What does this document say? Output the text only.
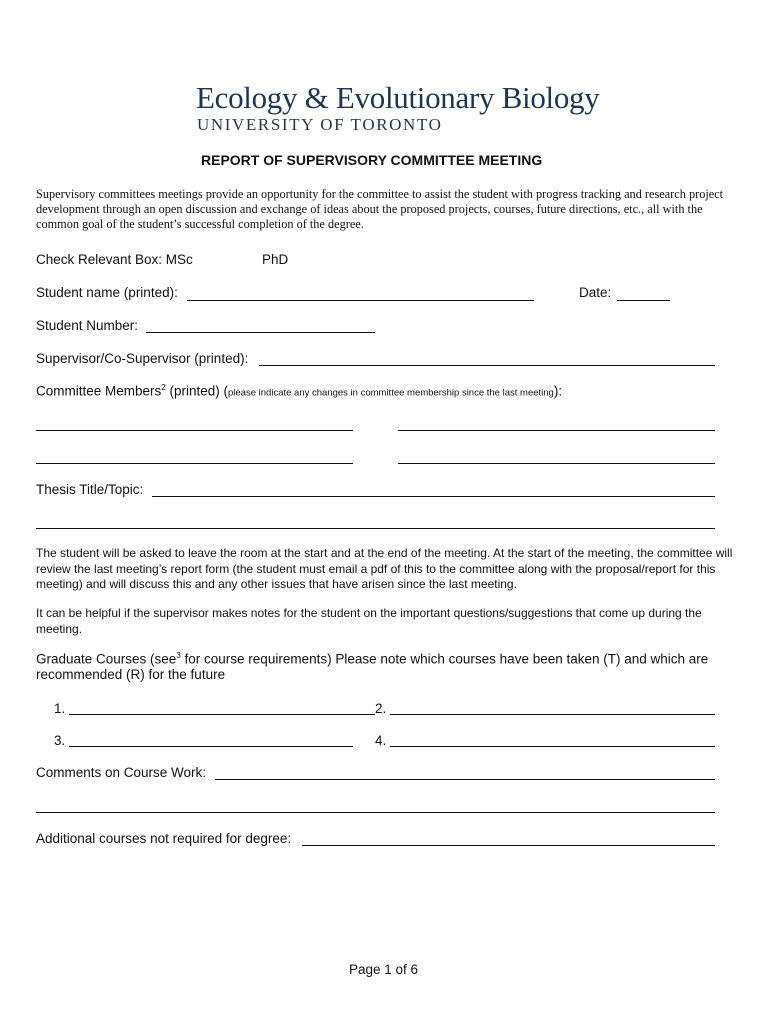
Ecology & Evolutionary Biology
UNIVERSITY OF TORONTO
REPORT OF SUPERVISORY COMMITTEE MEETING
Supervisory committees meetings provide an opportunity for the committee to assist the student with progress tracking and research project development through an open discussion and exchange of ideas about the proposed projects, courses, future directions, etc., all with the common goal of the student’s successful completion of the degree.
Check Relevant Box: MSc	PhD
Student name (printed):	Date:
Student Number:
Supervisor/Co-Supervisor (printed):
Committee Members$^2$ (printed) (please indicate any changes in committee membership since the last meeting):
Thesis Title/Topic:
The student will be asked to leave the room at the start and at the end of the meeting. At the start of the meeting, the committee will review the last meeting’s report form (the student must email a pdf of this to the committee along with the proposal/report for this meeting) and will discuss this and any other issues that have arisen since the last meeting.
It can be helpful if the supervisor makes notes for the student on the important questions/suggestions that come up during the meeting.
Graduate Courses (see$^3$ for course requirements) Please note which courses have been taken (T) and which are
recommended (R) for the future
1.	2.
3.	4.
Comments on Course Work:
Additional courses not required for degree:
Page 1 of 6
